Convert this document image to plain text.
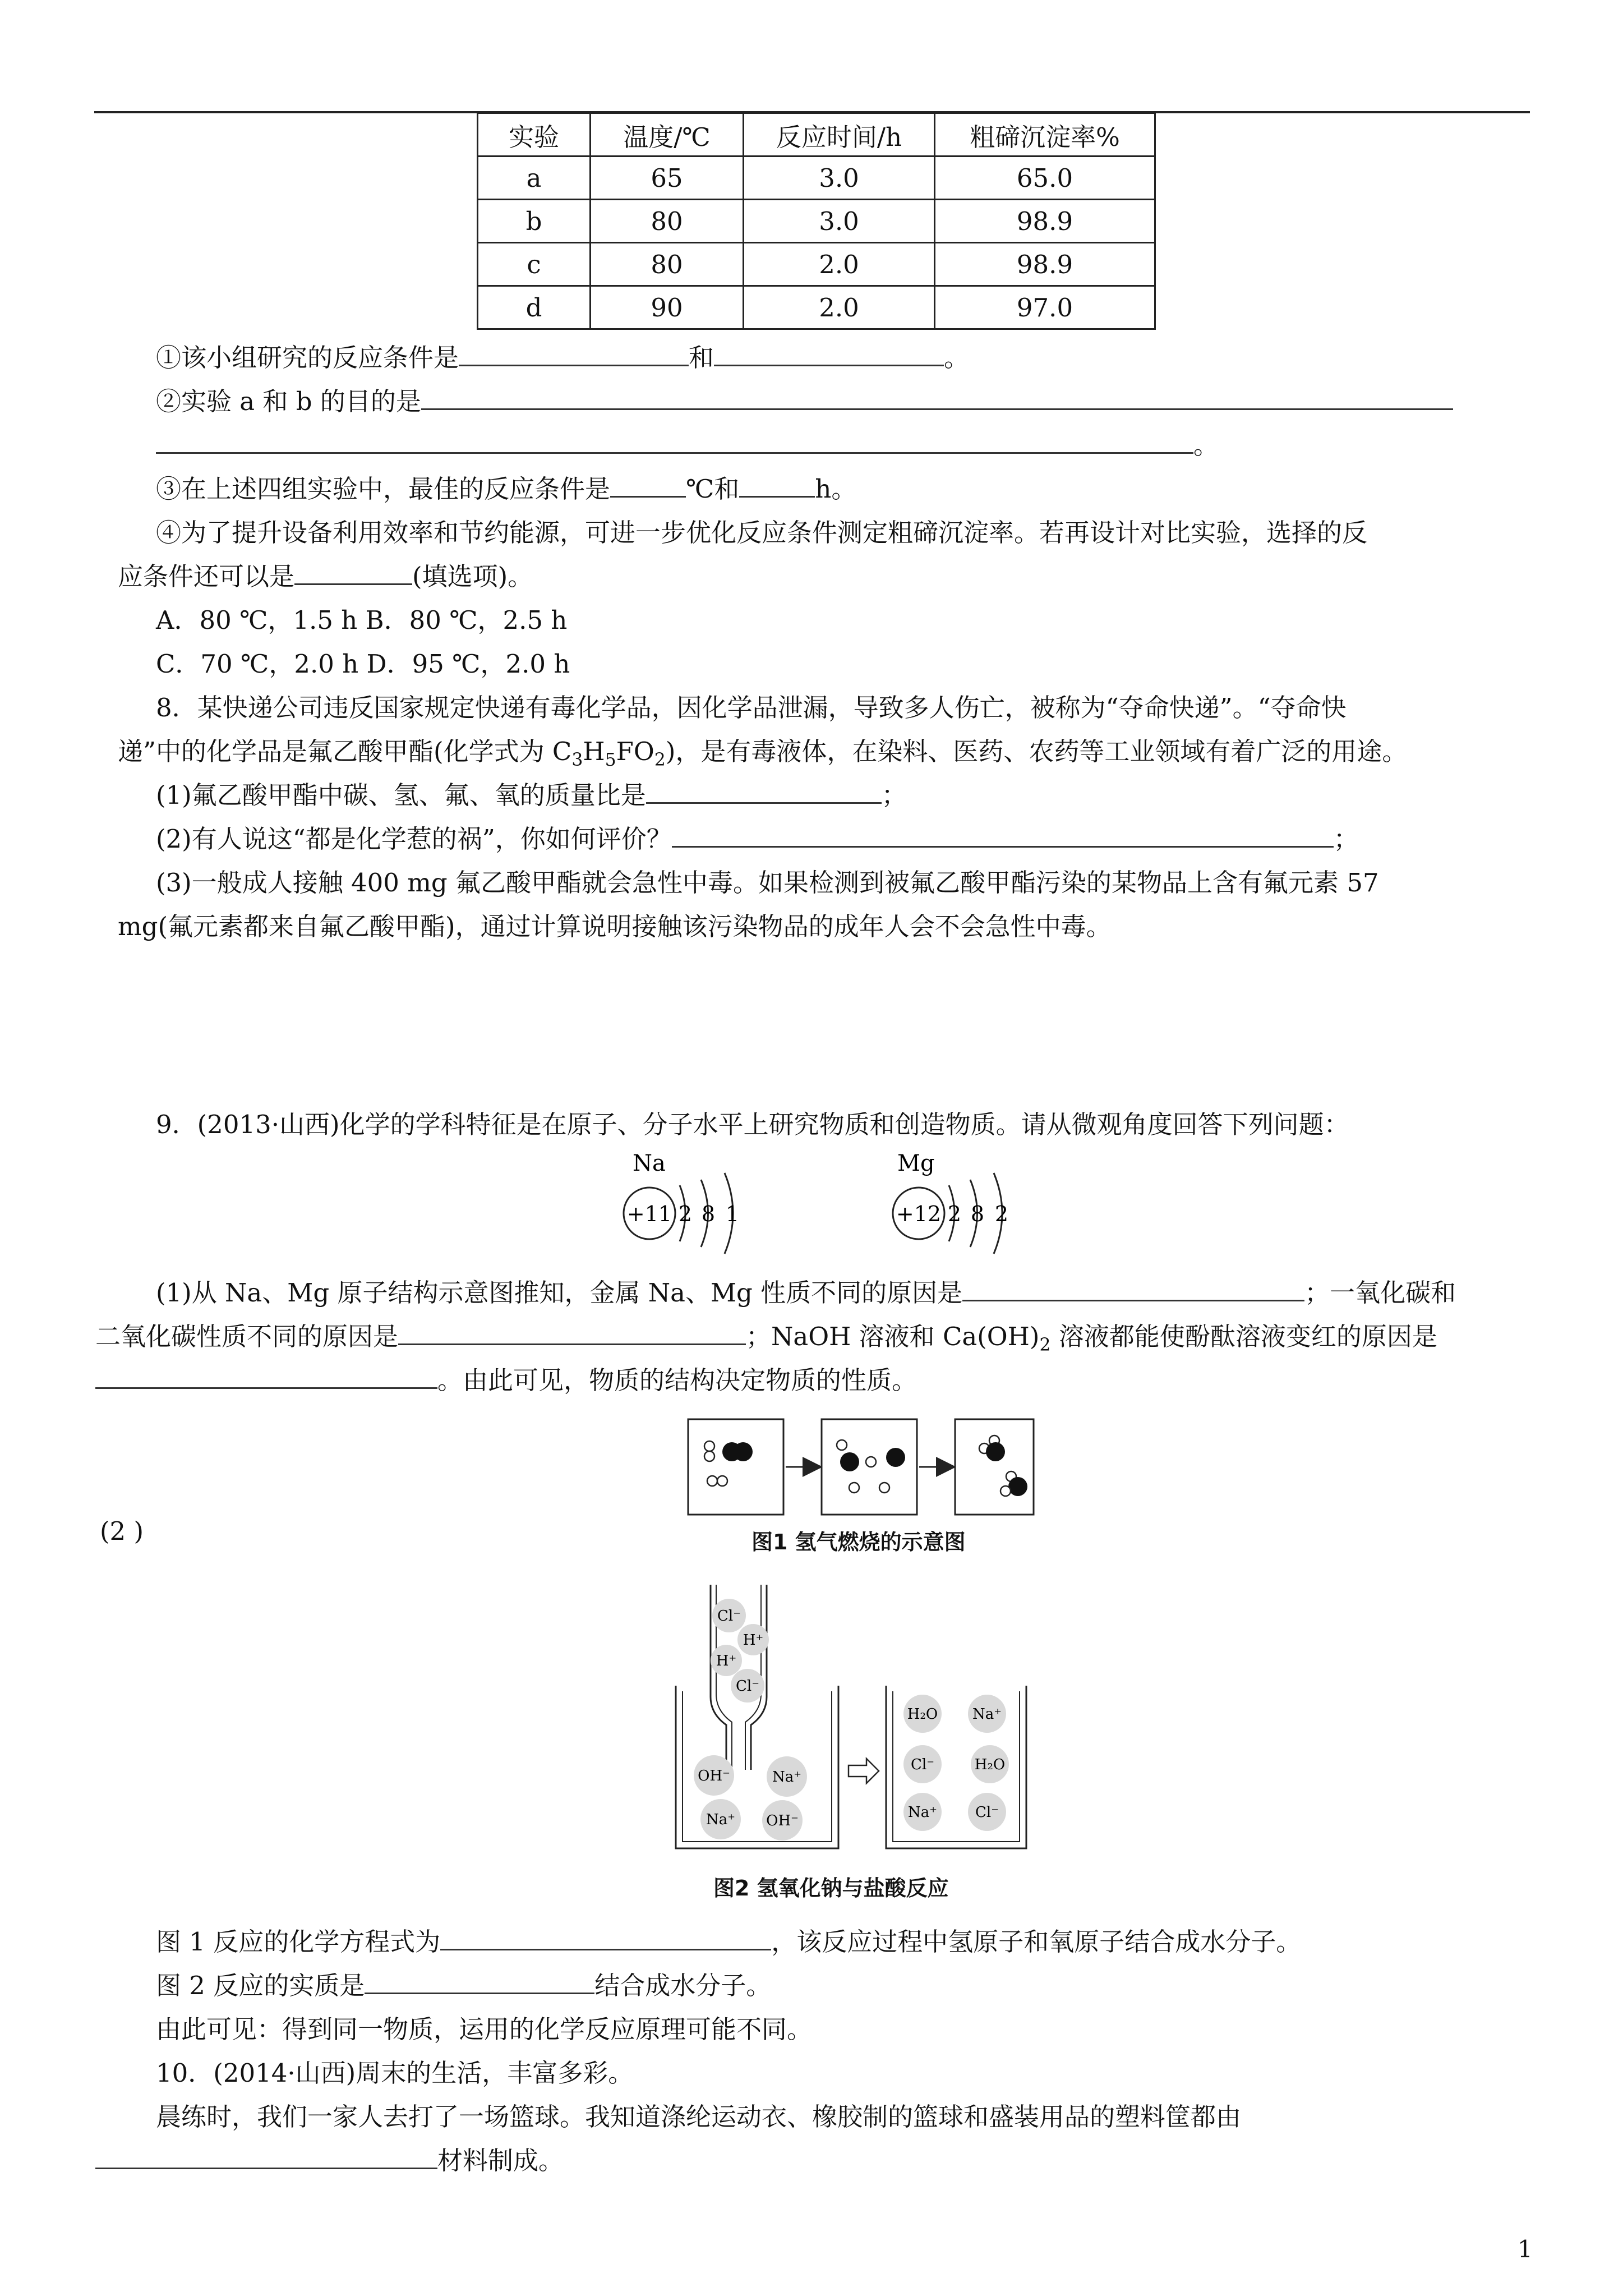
实验	温度/℃	反应时间/h	粗碲沉淀率%
a	65	3.0	65.0
b	80	3.0	98.9
c	80	2.0	98.9
d	90	2.0	97.0
①该小组研究的反应条件是	和	。
②实验 a 和 b 的目的是
。
③在上述四组实验中，最佳的反应条件是	℃和	h。
④为了提升设备利用效率和节约能源，可进一步优化反应条件测定粗碲沉淀率。若再设计对比实验，选择的反
应条件还可以是	(填选项)。
A．80 ℃，1.5 h B．80 ℃，2.5 h
C．70 ℃，2.0 h D．95 ℃，2.0 h
8．某快递公司违反国家规定快递有毒化学品，因化学品泄漏，导致多人伤亡，被称为“夺命快递”。“夺命快
递”中的化学品是氟乙酸甲酯(化学式为 $C_3H_5FO_2$)，是有毒液体，在染料、医药、农药等工业领域有着广泛的用途。
(1)氟乙酸甲酯中碳、氢、氟、氧的质量比是	；
(2)有人说这“都是化学惹的祸”，你如何评价？	；
(3)一般成人接触 400 mg 氟乙酸甲酯就会急性中毒。如果检测到被氟乙酸甲酯污染的某物品上含有氟元素 57
mg(氟元素都来自氟乙酸甲酯)，通过计算说明接触该污染物品的成年人会不会急性中毒。
9．(2013·山西)化学的学科特征是在原子、分子水平上研究物质和创造物质。请从微观角度回答下列问题：
Na
+11 2 8 1
Mg
+12 2 8 2
(1)从 Na、Mg 原子结构示意图推知，金属 Na、Mg 性质不同的原因是	；一氧化碳和
二氧化碳性质不同的原因是	；NaOH 溶液和 $Ca(OH)_2$ 溶液都能使酚酞溶液变红的原因是
。由此可见，物质的结构决定物质的性质。
(2 )	图1 氢气燃烧的示意图
Cl⁻
H⁺
H⁺
Cl⁻
OH⁻	Na⁺
Na⁺ OH⁻
H₂O Na⁺
Cl⁻	H₂O
Na⁺	Cl⁻
图2 氢氧化钠与盐酸反应
图 1 反应的化学方程式为	，该反应过程中氢原子和氧原子结合成水分子。
图 2 反应的实质是	结合成水分子。
由此可见：得到同一物质，运用的化学反应原理可能不同。
10．(2014·山西)周末的生活，丰富多彩。
晨练时，我们一家人去打了一场篮球。我知道涤纶运动衣、橡胶制的篮球和盛装用品的塑料筐都由
材料制成。
1
